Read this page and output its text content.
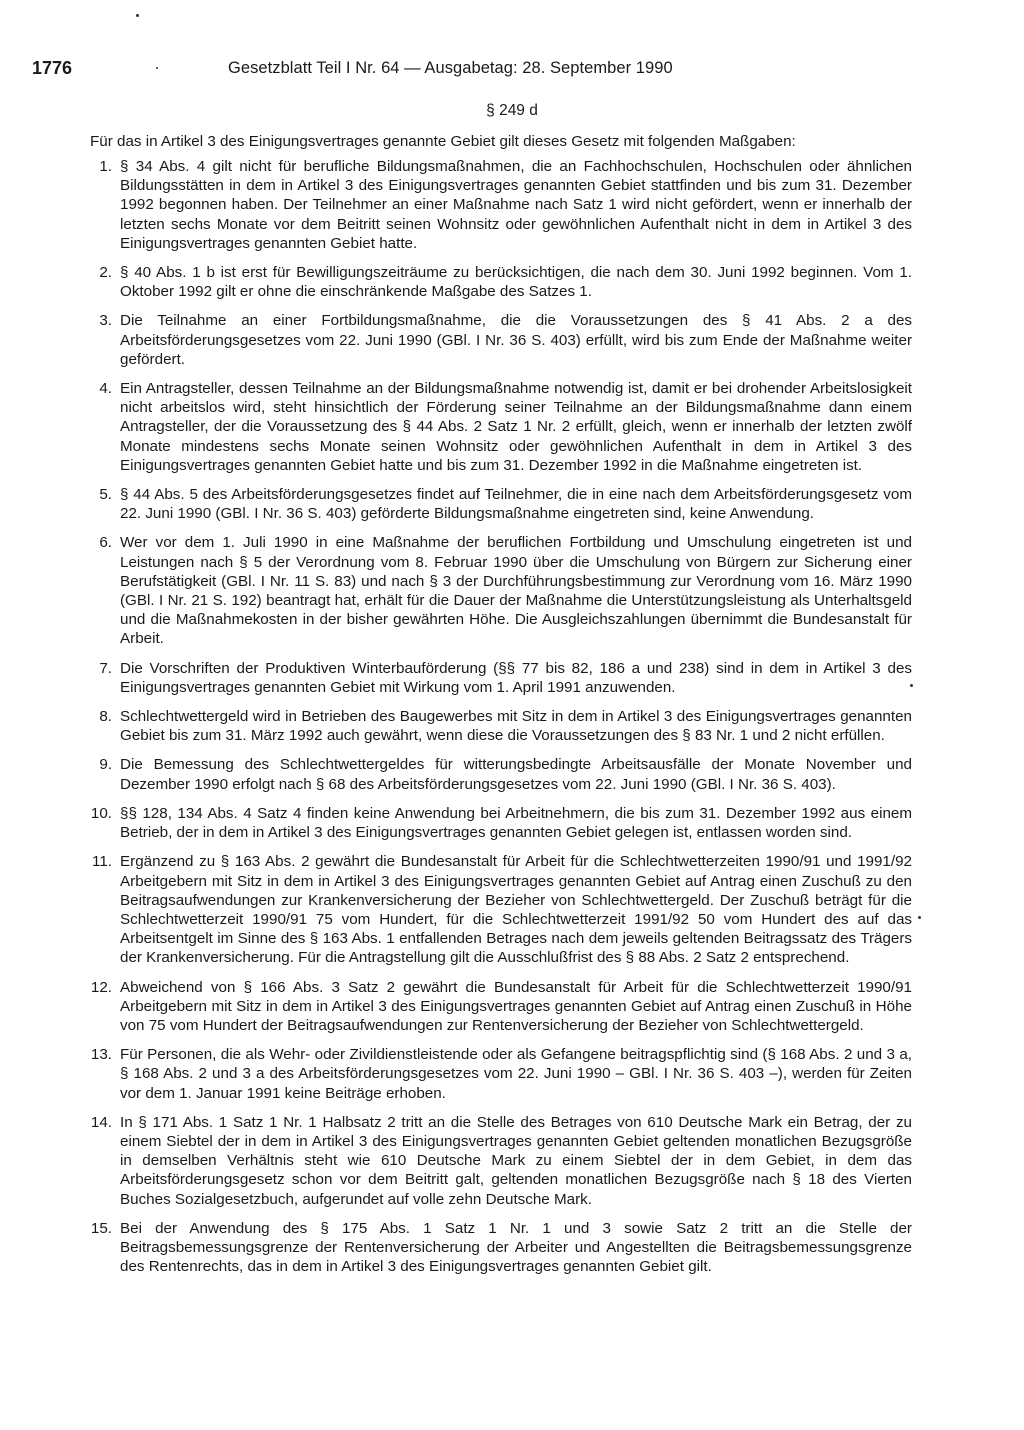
1776	Gesetzblatt Teil I Nr. 64 — Ausgabetag: 28. September 1990
§ 249 d
Für das in Artikel 3 des Einigungsvertrages genannte Gebiet gilt dieses Gesetz mit folgenden Maßgaben:
1. § 34 Abs. 4 gilt nicht für berufliche Bildungsmaßnahmen, die an Fachhochschulen, Hochschulen oder ähnlichen Bildungsstätten in dem in Artikel 3 des Einigungsvertrages genannten Gebiet stattfinden und bis zum 31. Dezember 1992 begonnen haben. Der Teilnehmer an einer Maßnahme nach Satz 1 wird nicht gefördert, wenn er innerhalb der letzten sechs Monate vor dem Beitritt seinen Wohnsitz oder gewöhnlichen Aufenthalt nicht in dem in Artikel 3 des Einigungsvertrages genannten Gebiet hatte.
2. § 40 Abs. 1 b ist erst für Bewilligungszeiträume zu berücksichtigen, die nach dem 30. Juni 1992 beginnen. Vom 1. Oktober 1992 gilt er ohne die einschränkende Maßgabe des Satzes 1.
3. Die Teilnahme an einer Fortbildungsmaßnahme, die die Voraussetzungen des § 41 Abs. 2 a des Arbeitsförderungsgesetzes vom 22. Juni 1990 (GBl. I Nr. 36 S. 403) erfüllt, wird bis zum Ende der Maßnahme weiter gefördert.
4. Ein Antragsteller, dessen Teilnahme an der Bildungsmaßnahme notwendig ist, damit er bei drohender Arbeitslosigkeit nicht arbeitslos wird, steht hinsichtlich der Förderung seiner Teilnahme an der Bildungsmaßnahme dann einem Antragsteller, der die Voraussetzung des § 44 Abs. 2 Satz 1 Nr. 2 erfüllt, gleich, wenn er innerhalb der letzten zwölf Monate mindestens sechs Monate seinen Wohnsitz oder gewöhnlichen Aufenthalt in dem in Artikel 3 des Einigungsvertrages genannten Gebiet hatte und bis zum 31. Dezember 1992 in die Maßnahme eingetreten ist.
5. § 44 Abs. 5 des Arbeitsförderungsgesetzes findet auf Teilnehmer, die in eine nach dem Arbeitsförderungsgesetz vom 22. Juni 1990 (GBl. I Nr. 36 S. 403) geförderte Bildungsmaßnahme eingetreten sind, keine Anwendung.
6. Wer vor dem 1. Juli 1990 in eine Maßnahme der beruflichen Fortbildung und Umschulung eingetreten ist und Leistungen nach § 5 der Verordnung vom 8. Februar 1990 über die Umschulung von Bürgern zur Sicherung einer Berufstätigkeit (GBl. I Nr. 11 S. 83) und nach § 3 der Durchführungsbestimmung zur Verordnung vom 16. März 1990 (GBl. I Nr. 21 S. 192) beantragt hat, erhält für die Dauer der Maßnahme die Unterstützungsleistung als Unterhaltsgeld und die Maßnahmekosten in der bisher gewährten Höhe. Die Ausgleichszahlungen übernimmt die Bundesanstalt für Arbeit.
7. Die Vorschriften der Produktiven Winterbauförderung (§§ 77 bis 82, 186 a und 238) sind in dem in Artikel 3 des Einigungsvertrages genannten Gebiet mit Wirkung vom 1. April 1991 anzuwenden.
8. Schlechtwettergeld wird in Betrieben des Baugewerbes mit Sitz in dem in Artikel 3 des Einigungsvertrages genannten Gebiet bis zum 31. März 1992 auch gewährt, wenn diese die Voraussetzungen des § 83 Nr. 1 und 2 nicht erfüllen.
9. Die Bemessung des Schlechtwettergeldes für witterungsbedingte Arbeitsausfälle der Monate November und Dezember 1990 erfolgt nach § 68 des Arbeitsförderungsgesetzes vom 22. Juni 1990 (GBl. I Nr. 36 S. 403).
10. §§ 128, 134 Abs. 4 Satz 4 finden keine Anwendung bei Arbeitnehmern, die bis zum 31. Dezember 1992 aus einem Betrieb, der in dem in Artikel 3 des Einigungsvertrages genannten Gebiet gelegen ist, entlassen worden sind.
11. Ergänzend zu § 163 Abs. 2 gewährt die Bundesanstalt für Arbeit für die Schlechtwetterzeiten 1990/91 und 1991/92 Arbeitgebern mit Sitz in dem in Artikel 3 des Einigungsvertrages genannten Gebiet auf Antrag einen Zuschuß zu den Beitragsaufwendungen zur Krankenversicherung der Bezieher von Schlechtwettergeld. Der Zuschuß beträgt für die Schlechtwetterzeit 1990/91 75 vom Hundert, für die Schlechtwetterzeit 1991/92 50 vom Hundert des auf das Arbeitsentgelt im Sinne des § 163 Abs. 1 entfallenden Betrages nach dem jeweils geltenden Beitragssatz des Trägers der Krankenversicherung. Für die Antragstellung gilt die Ausschlußfrist des § 88 Abs. 2 Satz 2 entsprechend.
12. Abweichend von § 166 Abs. 3 Satz 2 gewährt die Bundesanstalt für Arbeit für die Schlechtwetterzeit 1990/91 Arbeitgebern mit Sitz in dem in Artikel 3 des Einigungsvertrages genannten Gebiet auf Antrag einen Zuschuß in Höhe von 75 vom Hundert der Beitragsaufwendungen zur Rentenversicherung der Bezieher von Schlechtwettergeld.
13. Für Personen, die als Wehr- oder Zivildienstleistende oder als Gefangene beitragspflichtig sind (§ 168 Abs. 2 und 3 a, § 168 Abs. 2 und 3 a des Arbeitsförderungsgesetzes vom 22. Juni 1990 – GBl. I Nr. 36 S. 403 –), werden für Zeiten vor dem 1. Januar 1991 keine Beiträge erhoben.
14. In § 171 Abs. 1 Satz 1 Nr. 1 Halbsatz 2 tritt an die Stelle des Betrages von 610 Deutsche Mark ein Betrag, der zu einem Siebtel der in dem in Artikel 3 des Einigungsvertrages genannten Gebiet geltenden monatlichen Bezugsgröße in demselben Verhältnis steht wie 610 Deutsche Mark zu einem Siebtel der in dem Gebiet, in dem das Arbeitsförderungsgesetz schon vor dem Beitritt galt, geltenden monatlichen Bezugsgröße nach § 18 des Vierten Buches Sozialgesetzbuch, aufgerundet auf volle zehn Deutsche Mark.
15. Bei der Anwendung des § 175 Abs. 1 Satz 1 Nr. 1 und 3 sowie Satz 2 tritt an die Stelle der Beitragsbemessungsgrenze der Rentenversicherung der Arbeiter und Angestellten die Beitragsbemessungsgrenze des Rentenrechts, das in dem in Artikel 3 des Einigungsvertrages genannten Gebiet gilt.
